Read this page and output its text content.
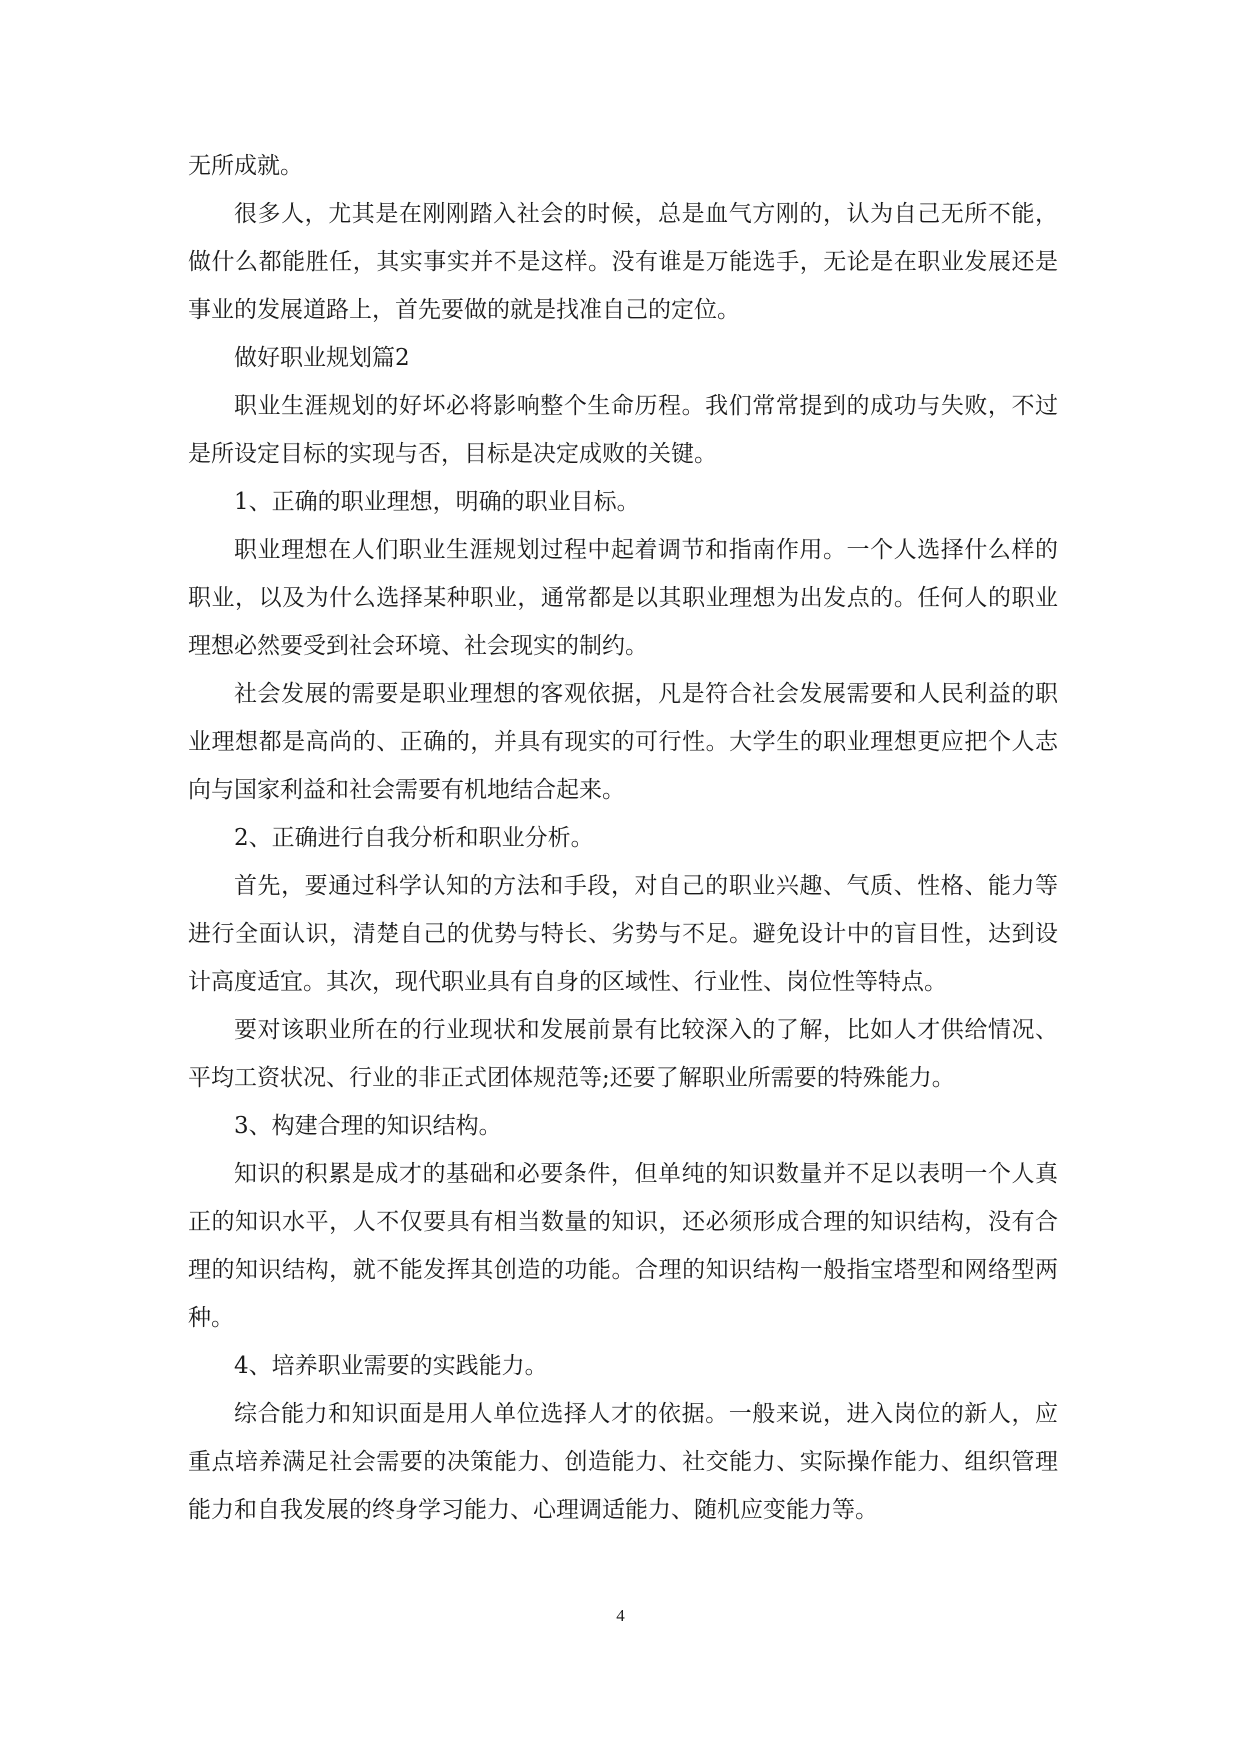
无所成就。

很多人，尤其是在刚刚踏入社会的时候，总是血气方刚的，认为自己无所不能，做什么都能胜任，其实事实并不是这样。没有谁是万能选手，无论是在职业发展还是事业的发展道路上，首先要做的就是找准自己的定位。

做好职业规划篇2

职业生涯规划的好坏必将影响整个生命历程。我们常常提到的成功与失败，不过是所设定目标的实现与否，目标是决定成败的关键。

1、正确的职业理想，明确的职业目标。

职业理想在人们职业生涯规划过程中起着调节和指南作用。一个人选择什么样的职业，以及为什么选择某种职业，通常都是以其职业理想为出发点的。任何人的职业理想必然要受到社会环境、社会现实的制约。

社会发展的需要是职业理想的客观依据，凡是符合社会发展需要和人民利益的职业理想都是高尚的、正确的，并具有现实的可行性。大学生的职业理想更应把个人志向与国家利益和社会需要有机地结合起来。

2、正确进行自我分析和职业分析。

首先，要通过科学认知的方法和手段，对自己的职业兴趣、气质、性格、能力等进行全面认识，清楚自己的优势与特长、劣势与不足。避免设计中的盲目性，达到设计高度适宜。其次，现代职业具有自身的区域性、行业性、岗位性等特点。

要对该职业所在的行业现状和发展前景有比较深入的了解，比如人才供给情况、平均工资状况、行业的非正式团体规范等;还要了解职业所需要的特殊能力。

3、构建合理的知识结构。

知识的积累是成才的基础和必要条件，但单纯的知识数量并不足以表明一个人真正的知识水平，人不仅要具有相当数量的知识，还必须形成合理的知识结构，没有合理的知识结构，就不能发挥其创造的功能。合理的知识结构一般指宝塔型和网络型两种。

4、培养职业需要的实践能力。

综合能力和知识面是用人单位选择人才的依据。一般来说，进入岗位的新人，应重点培养满足社会需要的决策能力、创造能力、社交能力、实际操作能力、组织管理能力和自我发展的终身学习能力、心理调适能力、随机应变能力等。

4
